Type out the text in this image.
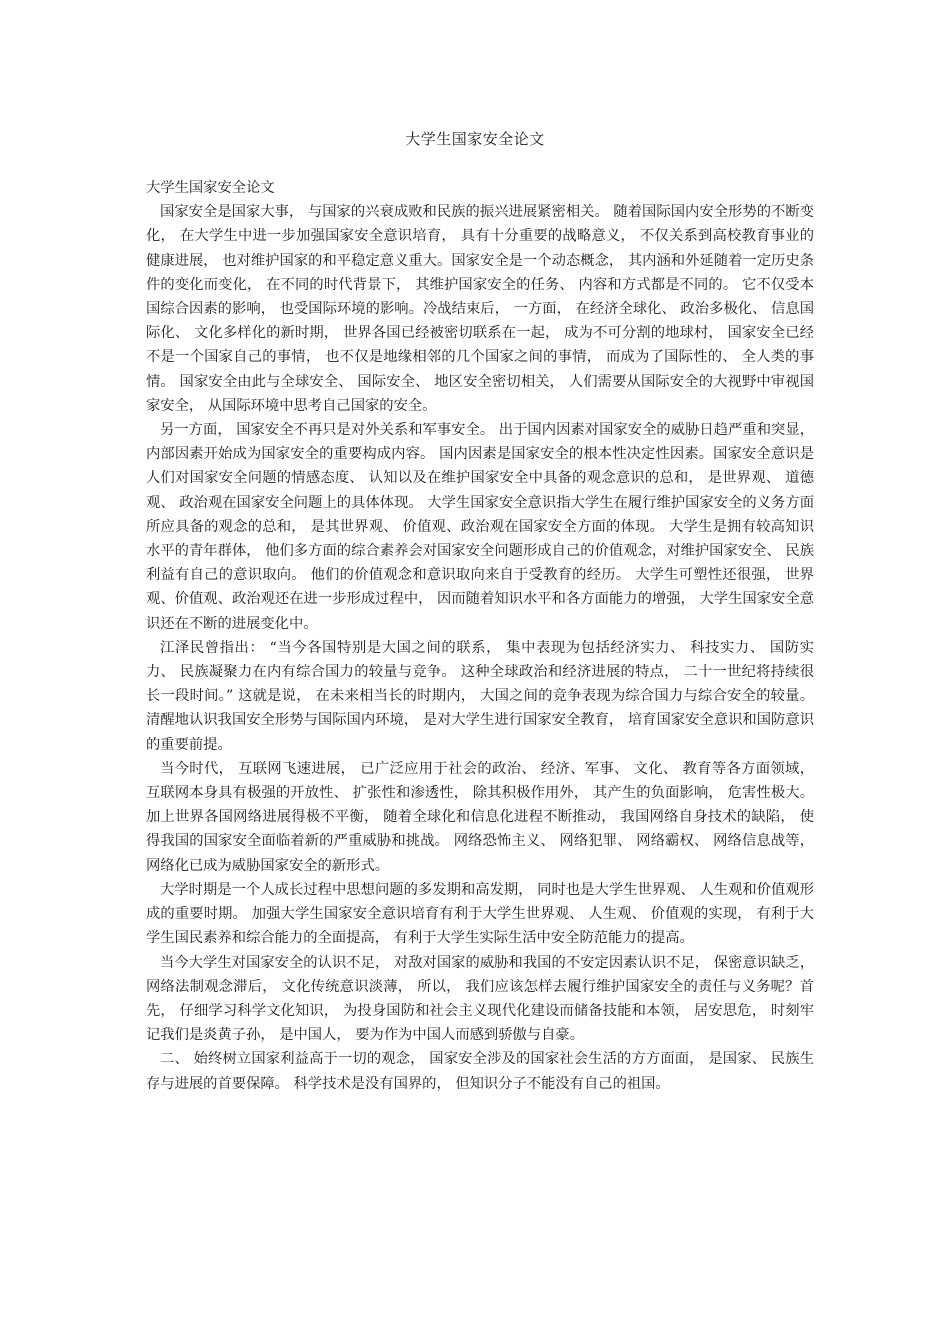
大学生国家安全论文

大学生国家安全论文

国家安全是国家大事， 与国家的兴衰成败和民族的振兴进展紧密相关。 随着国际国内安全形势的不断变化， 在大学生中进一步加强国家安全意识培育， 具有十分重要的战略意义， 不仅关系到高校教育事业的健康进展， 也对维护国家的和平稳定意义重大。国家安全是一个动态概念， 其内涵和外延随着一定历史条件的变化而变化， 在不同的时代背景下， 其维护国家安全的任务、 内容和方式都是不同的。 它不仅受本国综合因素的影响， 也受国际环境的影响。冷战结束后， 一方面， 在经济全球化、 政治多极化、 信息国际化、 文化多样化的新时期， 世界各国已经被密切联系在一起， 成为不可分割的地球村， 国家安全已经不是一个国家自己的事情， 也不仅是地缘相邻的几个国家之间的事情， 而成为了国际性的、 全人类的事情。 国家安全由此与全球安全、 国际安全、 地区安全密切相关， 人们需要从国际安全的大视野中审视国家安全， 从国际环境中思考自己国家的安全。

另一方面， 国家安全不再只是对外关系和军事安全。 出于国内因素对国家安全的威胁日趋严重和突显， 内部因素开始成为国家安全的重要构成内容。 国内因素是国家安全的根本性决定性因素。国家安全意识是人们对国家安全问题的情感态度、 认知以及在维护国家安全中具备的观念意识的总和， 是世界观、 道德观、 政治观在国家安全问题上的具体体现。 大学生国家安全意识指大学生在履行维护国家安全的义务方面所应具备的观念的总和， 是其世界观、 价值观、政治观在国家安全方面的体现。 大学生是拥有较高知识水平的青年群体， 他们多方面的综合素养会对国家安全问题形成自己的价值观念，对维护国家安全、 民族利益有自己的意识取向。 他们的价值观念和意识取向来自于受教育的经历。 大学生可塑性还很强， 世界观、价值观、政治观还在进一步形成过程中， 因而随着知识水平和各方面能力的增强， 大学生国家安全意识还在不断的进展变化中。

江泽民曾指出： “当今各国特别是大国之间的联系， 集中表现为包括经济实力、 科技实力、 国防实力、 民族凝聚力在内有综合国力的较量与竞争。 这种全球政治和经济进展的特点， 二十一世纪将持续很长一段时间。” 这就是说， 在未来相当长的时期内， 大国之间的竞争表现为综合国力与综合安全的较量。 清醒地认识我国安全形势与国际国内环境， 是对大学生进行国家安全教育， 培育国家安全意识和国防意识的重要前提。

当今时代， 互联网飞速进展， 已广泛应用于社会的政治、 经济、军事、 文化、 教育等各方面领域， 互联网本身具有极强的开放性、 扩张性和渗透性， 除其积极作用外， 其产生的负面影响， 危害性极大。加上世界各国网络进展得极不平衡， 随着全球化和信息化进程不断推动， 我国网络自身技术的缺陷， 使得我国的国家安全面临着新的严重威胁和挑战。 网络恐怖主义、 网络犯罪、 网络霸权、 网络信息战等，网络化已成为威胁国家安全的新形式。

大学时期是一个人成长过程中思想问题的多发期和高发期， 同时也是大学生世界观、 人生观和价值观形成的重要时期。 加强大学生国家安全意识培育有利于大学生世界观、 人生观、 价值观的实现， 有利于大学生国民素养和综合能力的全面提高， 有利于大学生实际生活中安全防范能力的提高。

当今大学生对国家安全的认识不足， 对敌对国家的威胁和我国的不安定因素认识不足， 保密意识缺乏， 网络法制观念滞后， 文化传统意识淡薄， 所以， 我们应该怎样去履行维护国家安全的责任与义务呢？首先， 仔细学习科学文化知识， 为投身国防和社会主义现代化建设而储备技能和本领， 居安思危， 时刻牢记我们是炎黄子孙， 是中国人， 要为作为中国人而感到骄傲与自豪。

二、 始终树立国家利益高于一切的观念， 国家安全涉及的国家社会生活的方方面面， 是国家、 民族生存与进展的首要保障。 科学技术是没有国界的， 但知识分子不能没有自己的祖国。
